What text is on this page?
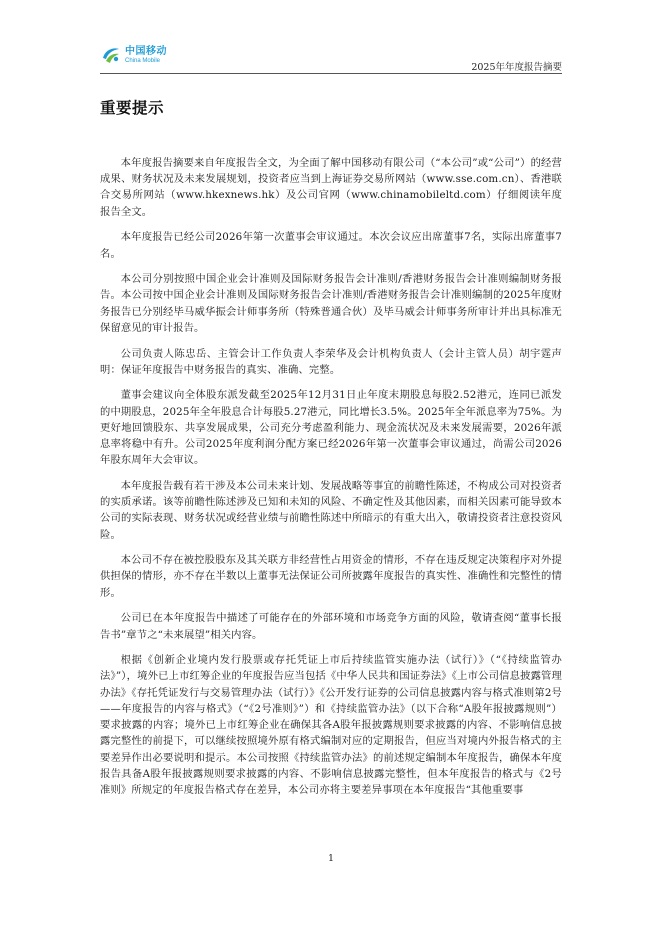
中国移动
China Mobile
2025年年度报告摘要
重要提示

本年度报告摘要来自年度报告全文，为全面了解中国移动有限公司（“本公司”或“公司”）的经营成果、财务状况及未来发展规划，投资者应当到上海证券交易所网站（www.sse.com.cn）、香港联合交易所网站（www.hkexnews.hk）及公司官网（www.chinamobileltd.com）仔细阅读年度报告全文。

本年度报告已经公司2026年第一次董事会审议通过。本次会议应出席董事7名，实际出席董事7名。

本公司分别按照中国企业会计准则及国际财务报告会计准则/香港财务报告会计准则编制财务报告。本公司按中国企业会计准则及国际财务报告会计准则/香港财务报告会计准则编制的2025年度财务报告已分别经毕马威华振会计师事务所（特殊普通合伙）及毕马威会计师事务所审计并出具标准无保留意见的审计报告。

公司负责人陈忠岳、主管会计工作负责人李荣华及会计机构负责人（会计主管人员）胡宇霆声明：保证年度报告中财务报告的真实、准确、完整。

董事会建议向全体股东派发截至2025年12月31日止年度末期股息每股2.52港元，连同已派发的中期股息，2025年全年股息合计每股5.27港元，同比增长3.5%。2025年全年派息率为75%。为更好地回馈股东、共享发展成果，公司充分考虑盈利能力、现金流状况及未来发展需要，2026年派息率将稳中有升。公司2025年度利润分配方案已经2026年第一次董事会审议通过，尚需公司2026年股东周年大会审议。

本年度报告载有若干涉及本公司未来计划、发展战略等事宜的前瞻性陈述，不构成公司对投资者的实质承诺。该等前瞻性陈述涉及已知和未知的风险、不确定性及其他因素，而相关因素可能导致本公司的实际表现、财务状况或经营业绩与前瞻性陈述中所暗示的有重大出入，敬请投资者注意投资风险。

本公司不存在被控股股东及其关联方非经营性占用资金的情形，不存在违反规定决策程序对外提供担保的情形，亦不存在半数以上董事无法保证公司所披露年度报告的真实性、准确性和完整性的情形。

公司已在本年度报告中描述了可能存在的外部环境和市场竞争方面的风险，敬请查阅“董事长报告书”章节之“未来展望”相关内容。

根据《创新企业境内发行股票或存托凭证上市后持续监管实施办法（试行）》（“《持续监管办法》”），境外已上市红筹企业的年度报告应当包括《中华人民共和国证券法》《上市公司信息披露管理办法》《存托凭证发行与交易管理办法（试行）》《公开发行证券的公司信息披露内容与格式准则第2号——年度报告的内容与格式》（“《2号准则》”）和《持续监管办法》（以下合称“A股年报披露规则”）要求披露的内容；境外已上市红筹企业在确保其各A股年报披露规则要求披露的内容、不影响信息披露完整性的前提下，可以继续按照境外原有格式编制对应的定期报告，但应当对境内外报告格式的主要差异作出必要说明和提示。本公司按照《持续监管办法》的前述规定编制本年度报告，确保本年度报告具备A股年报披露规则要求披露的内容、不影响信息披露完整性，但本年度报告的格式与《2号准则》所规定的年度报告格式存在差异，本公司亦将主要差异事项在本年度报告“其他重要事

1
